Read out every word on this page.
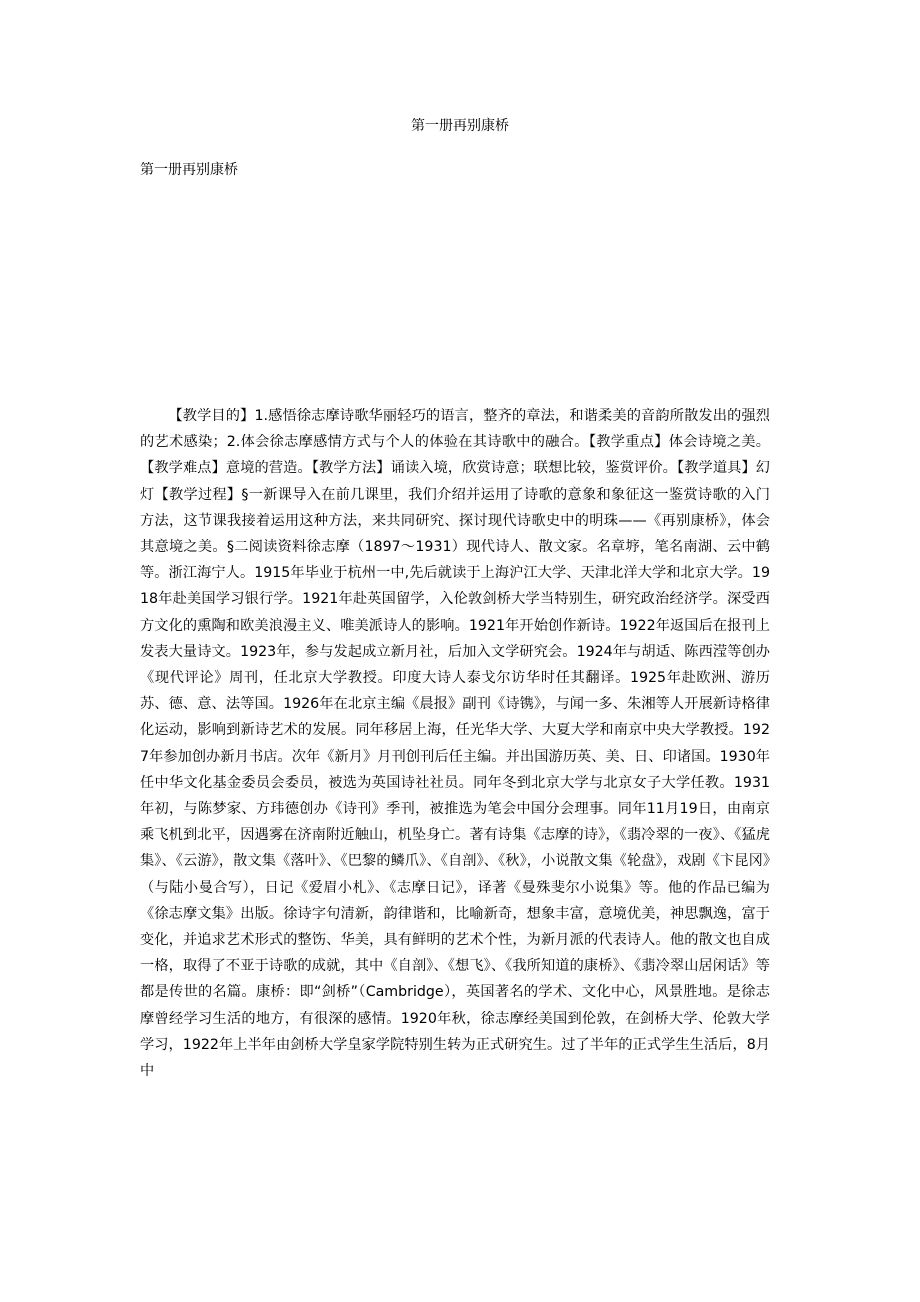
第一册再别康桥
第一册再别康桥

【教学目的】1.感悟徐志摩诗歌华丽轻巧的语言，整齐的章法，和谐柔美的音韵所散发出的强烈的艺术感染；2.体会徐志摩感情方式与个人的体验在其诗歌中的融合。【教学重点】体会诗境之美。【教学难点】意境的营造。【教学方法】诵读入境，欣赏诗意；联想比较，鉴赏评价。【教学道具】幻灯【教学过程】§一新课导入在前几课里，我们介绍并运用了诗歌的意象和象征这一鉴赏诗歌的入门方法，这节课我接着运用这种方法，来共同研究、探讨现代诗歌史中的明珠——《再别康桥》，体会其意境之美。§二阅读资料徐志摩（1897～1931）现代诗人、散文家。名章垿，笔名南湖、云中鹤等。浙江海宁人。1915年毕业于杭州一中,先后就读于上海沪江大学、天津北洋大学和北京大学。1918年赴美国学习银行学。1921年赴英国留学，入伦敦剑桥大学当特别生，研究政治经济学。深受西方文化的熏陶和欧美浪漫主义、唯美派诗人的影响。1921年开始创作新诗。1922年返国后在报刊上发表大量诗文。1923年，参与发起成立新月社，后加入文学研究会。1924年与胡适、陈西滢等创办《现代评论》周刊，任北京大学教授。印度大诗人泰戈尔访华时任其翻译。1925年赴欧洲、游历苏、德、意、法等国。1926年在北京主编《晨报》副刊《诗镌》，与闻一多、朱湘等人开展新诗格律化运动，影响到新诗艺术的发展。同年移居上海，任光华大学、大夏大学和南京中央大学教授。1927年参加创办新月书店。次年《新月》月刊创刊后任主编。并出国游历英、美、日、印诸国。1930年任中华文化基金委员会委员，被选为英国诗社社员。同年冬到北京大学与北京女子大学任教。1931年初，与陈梦家、方玮德创办《诗刊》季刊，被推选为笔会中国分会理事。同年11月19日，由南京乘飞机到北平，因遇雾在济南附近触山，机坠身亡。著有诗集《志摩的诗》，《翡冷翠的一夜》、《猛虎集》、《云游》，散文集《落叶》、《巴黎的鳞爪》、《自剖》、《秋》，小说散文集《轮盘》，戏剧《卞昆冈》（与陆小曼合写），日记《爱眉小札》、《志摩日记》，译著《曼殊斐尔小说集》等。他的作品已编为《徐志摩文集》出版。徐诗字句清新，韵律谐和，比喻新奇，想象丰富，意境优美，神思飘逸，富于变化，并追求艺术形式的整饬、华美，具有鲜明的艺术个性，为新月派的代表诗人。他的散文也自成一格，取得了不亚于诗歌的成就，其中《自剖》、《想飞》、《我所知道的康桥》、《翡冷翠山居闲话》等都是传世的名篇。康桥：即“剑桥”（Cambridge），英国著名的学术、文化中心，风景胜地。是徐志摩曾经学习生活的地方，有很深的感情。1920年秋，徐志摩经美国到伦敦，在剑桥大学、伦敦大学学习，1922年上半年由剑桥大学皇家学院特别生转为正式研究生。过了半年的正式学生生活后，8月中
